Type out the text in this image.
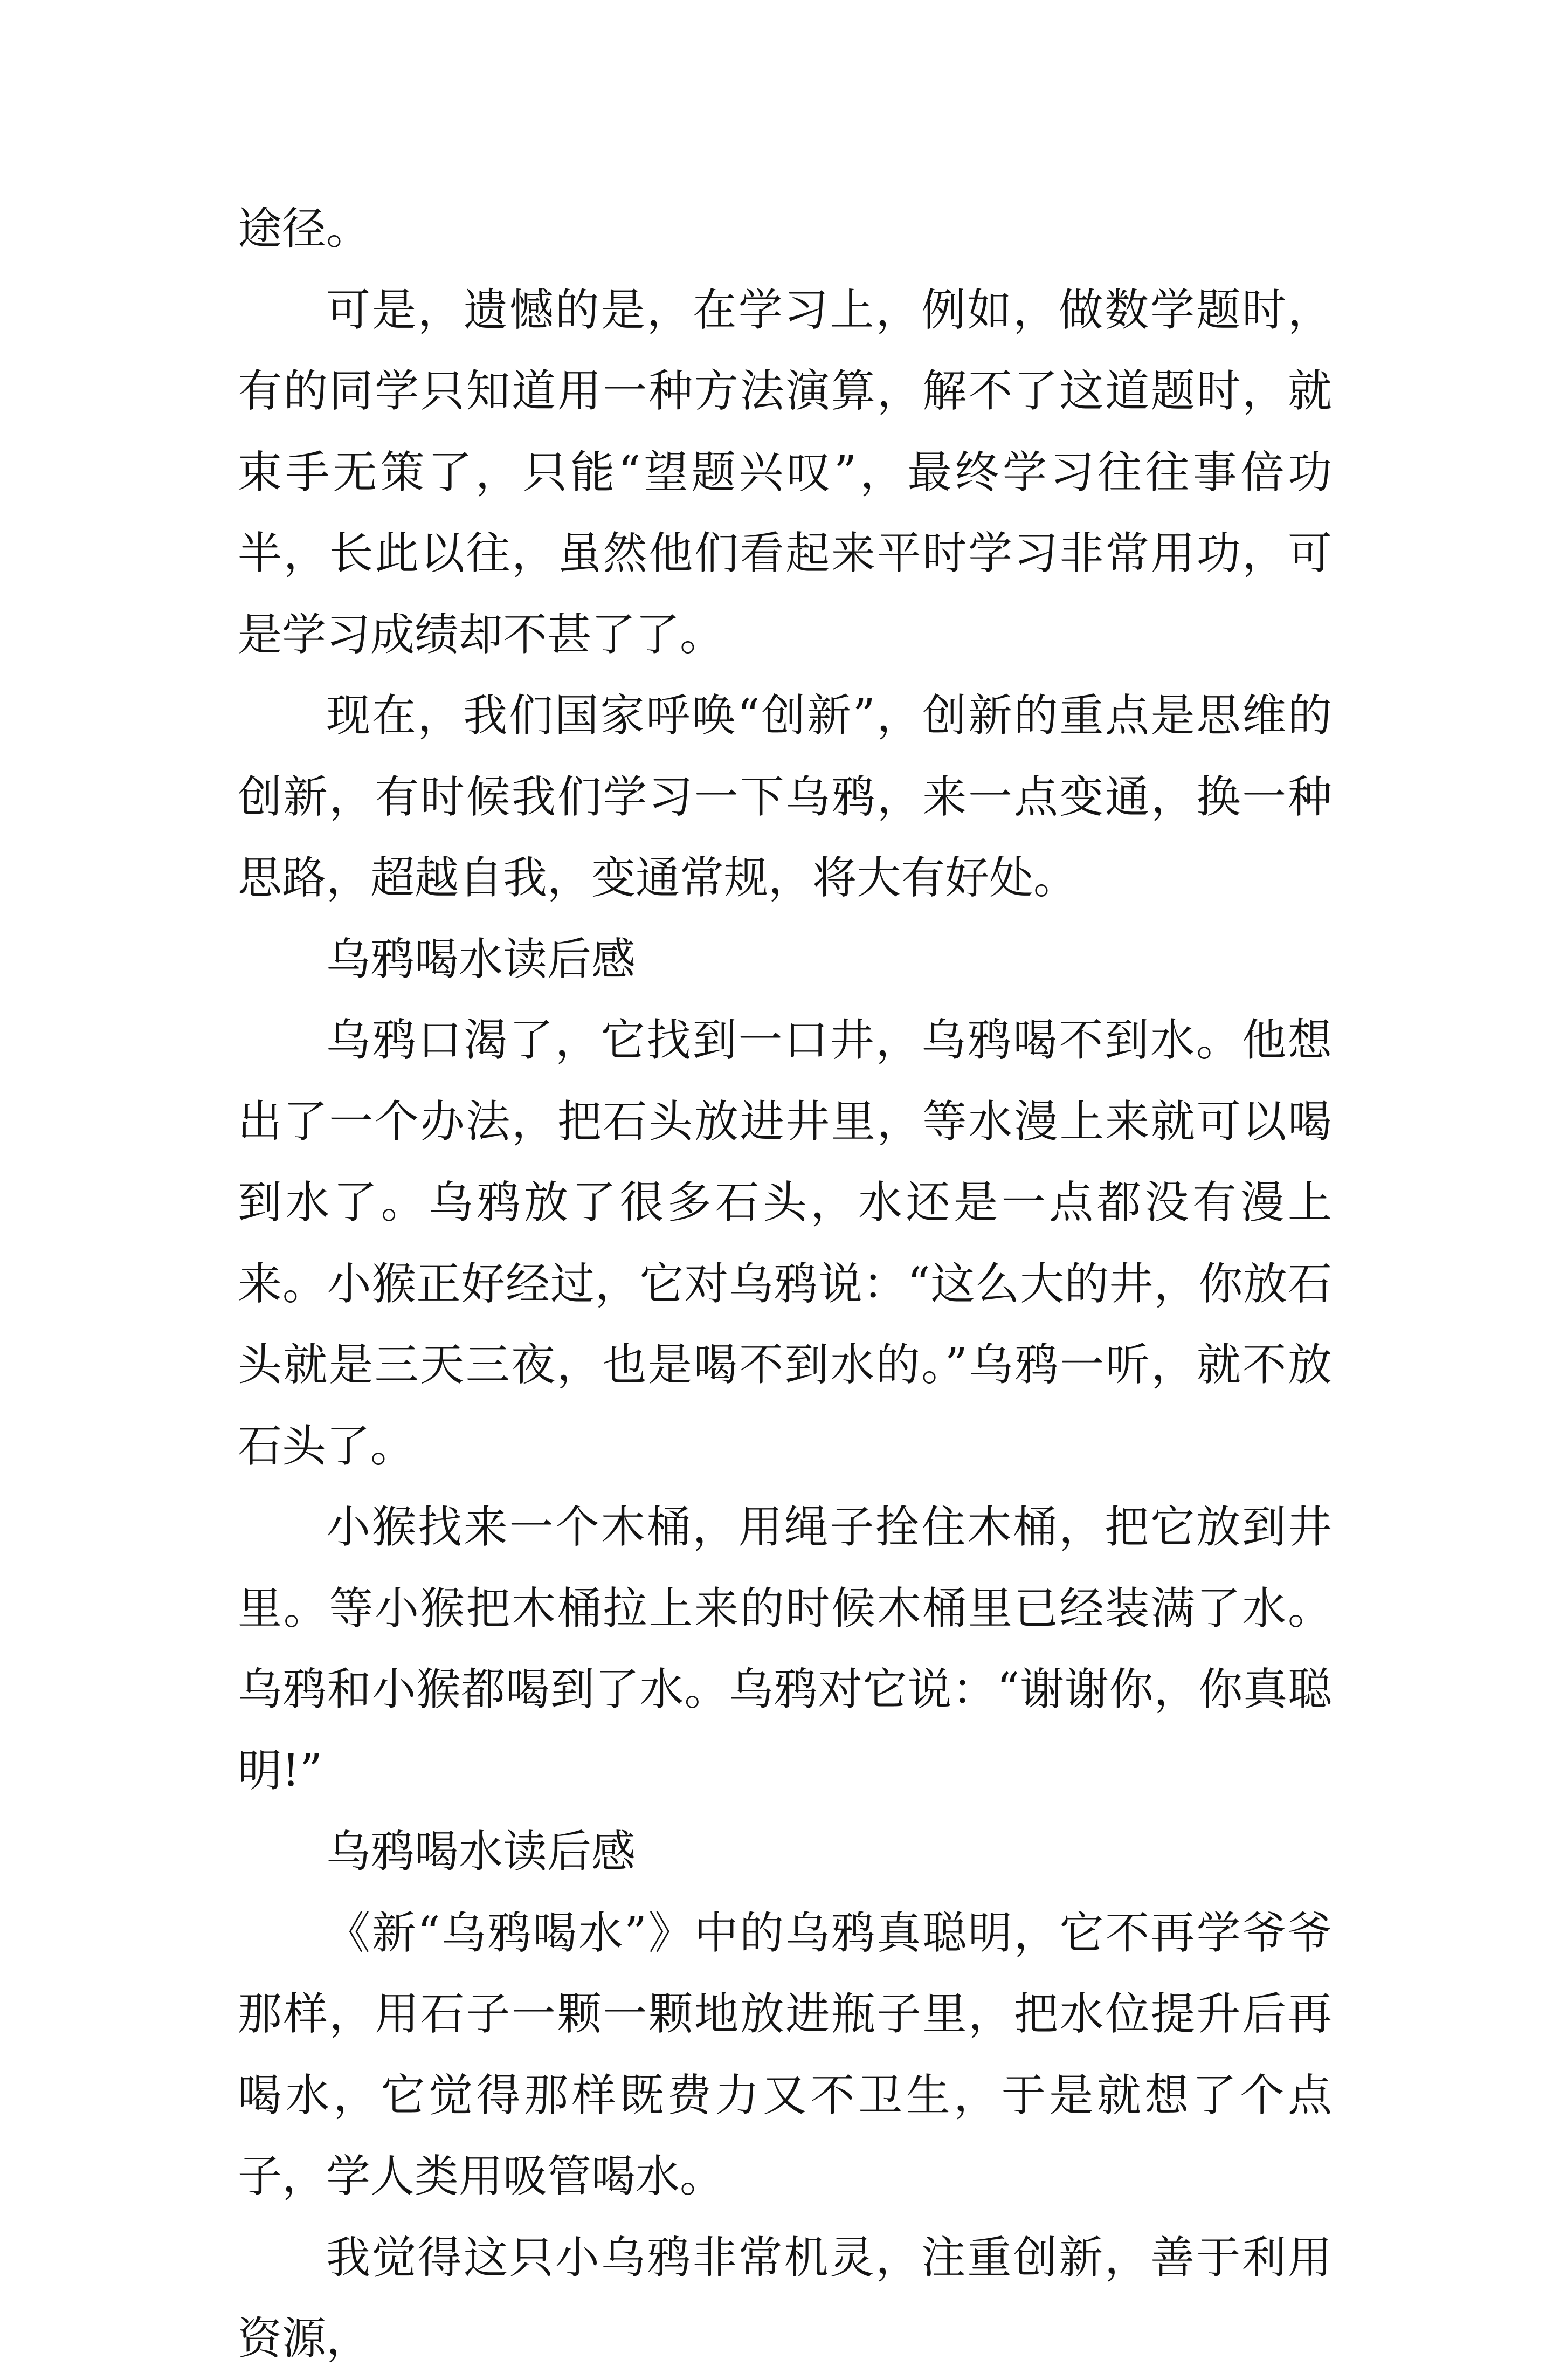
途径。

可是，遗憾的是，在学习上，例如，做数学题时，有的同学只知道用一种方法演算，解不了这道题时，就束手无策了，只能“望题兴叹”，最终学习往往事倍功半，长此以往，虽然他们看起来平时学习非常用功，可是学习成绩却不甚了了。

现在，我们国家呼唤“创新”，创新的重点是思维的创新，有时候我们学习一下乌鸦，来一点变通，换一种思路，超越自我，变通常规，将大有好处。

乌鸦喝水读后感

乌鸦口渴了，它找到一口井，乌鸦喝不到水。他想出了一个办法，把石头放进井里，等水漫上来就可以喝到水了。乌鸦放了很多石头，水还是一点都没有漫上来。小猴正好经过，它对乌鸦说：“这么大的井，你放石头就是三天三夜，也是喝不到水的。”乌鸦一听，就不放石头了。

小猴找来一个木桶，用绳子拴住木桶，把它放到井里。等小猴把木桶拉上来的时候木桶里已经装满了水。乌鸦和小猴都喝到了水。乌鸦对它说：“谢谢你，你真聪明!”

乌鸦喝水读后感

《新“乌鸦喝水”》中的乌鸦真聪明，它不再学爷爷那样，用石子一颗一颗地放进瓶子里，把水位提升后再喝水，它觉得那样既费力又不卫生，于是就想了个点子，学人类用吸管喝水。

我觉得这只小乌鸦非常机灵，注重创新，善于利用资源，
